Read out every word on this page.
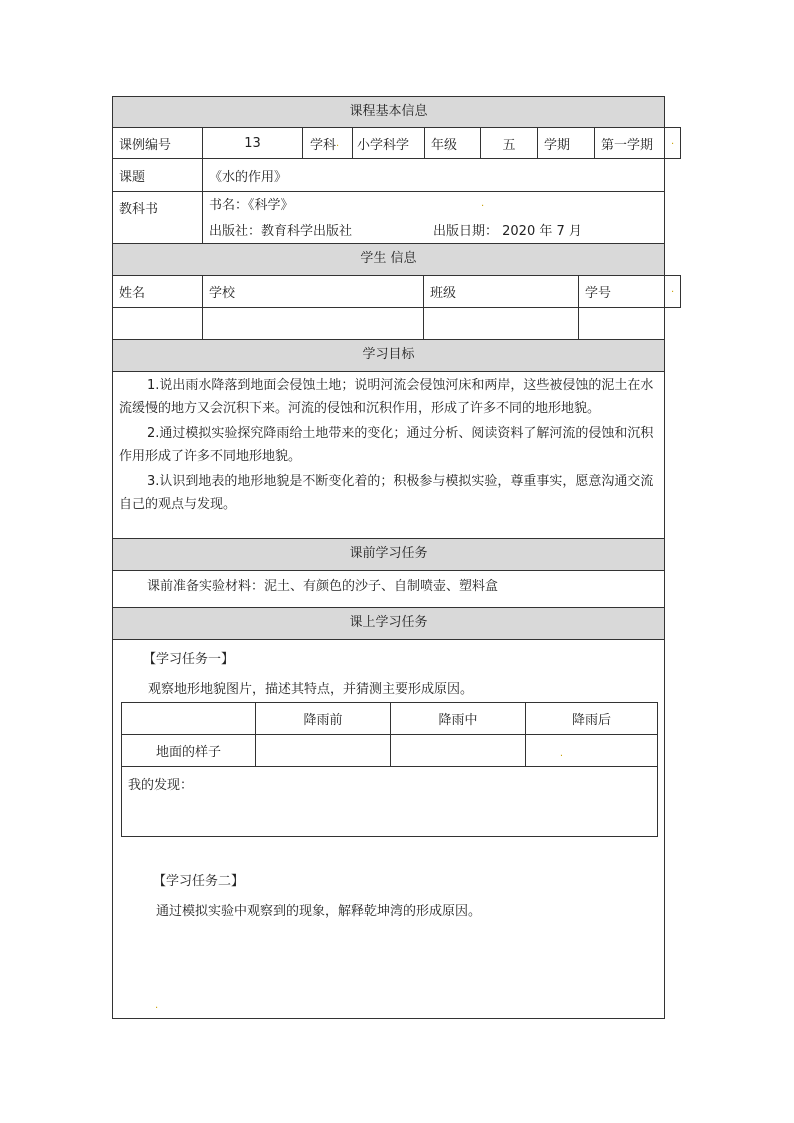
课程基本信息
课例编号	13	学科 .	小学科学	年级	五	学期	第一学期	.
课题	《水的作用》
教科书	书名：《科学》	.
出版社：教育科学出版社	出版日期： 2020 年 7 月
学生 信息
姓名	学校	班级	学号	.
学习目标
1.说出雨水降落到地面会侵蚀土地；说明河流会侵蚀河床和两岸，这些被侵蚀的泥土在水流缓慢的地方又会沉积下来。河流的侵蚀和沉积作用，形成了许多不同的地形地貌。
2.通过模拟实验探究降雨给土地带来的变化；通过分析、阅读资料了解河流的侵蚀和沉积作用形成了许多不同地形地貌。
3.认识到地表的地形地貌是不断变化着的；积极参与模拟实验，尊重事实，愿意沟通交流自己的观点与发现。
课前学习任务
课前准备实验材料：泥土、有颜色的沙子、自制喷壶、塑料盒
课上学习任务
【学习任务一】
观察地形地貌图片，描述其特点，并猜测主要形成原因。
	降雨前	降雨中	降雨后
地面的样子			.
我的发现：			
【学习任务二】
通过模拟实验中观察到的现象，解释乾坤湾的形成原因。
.
